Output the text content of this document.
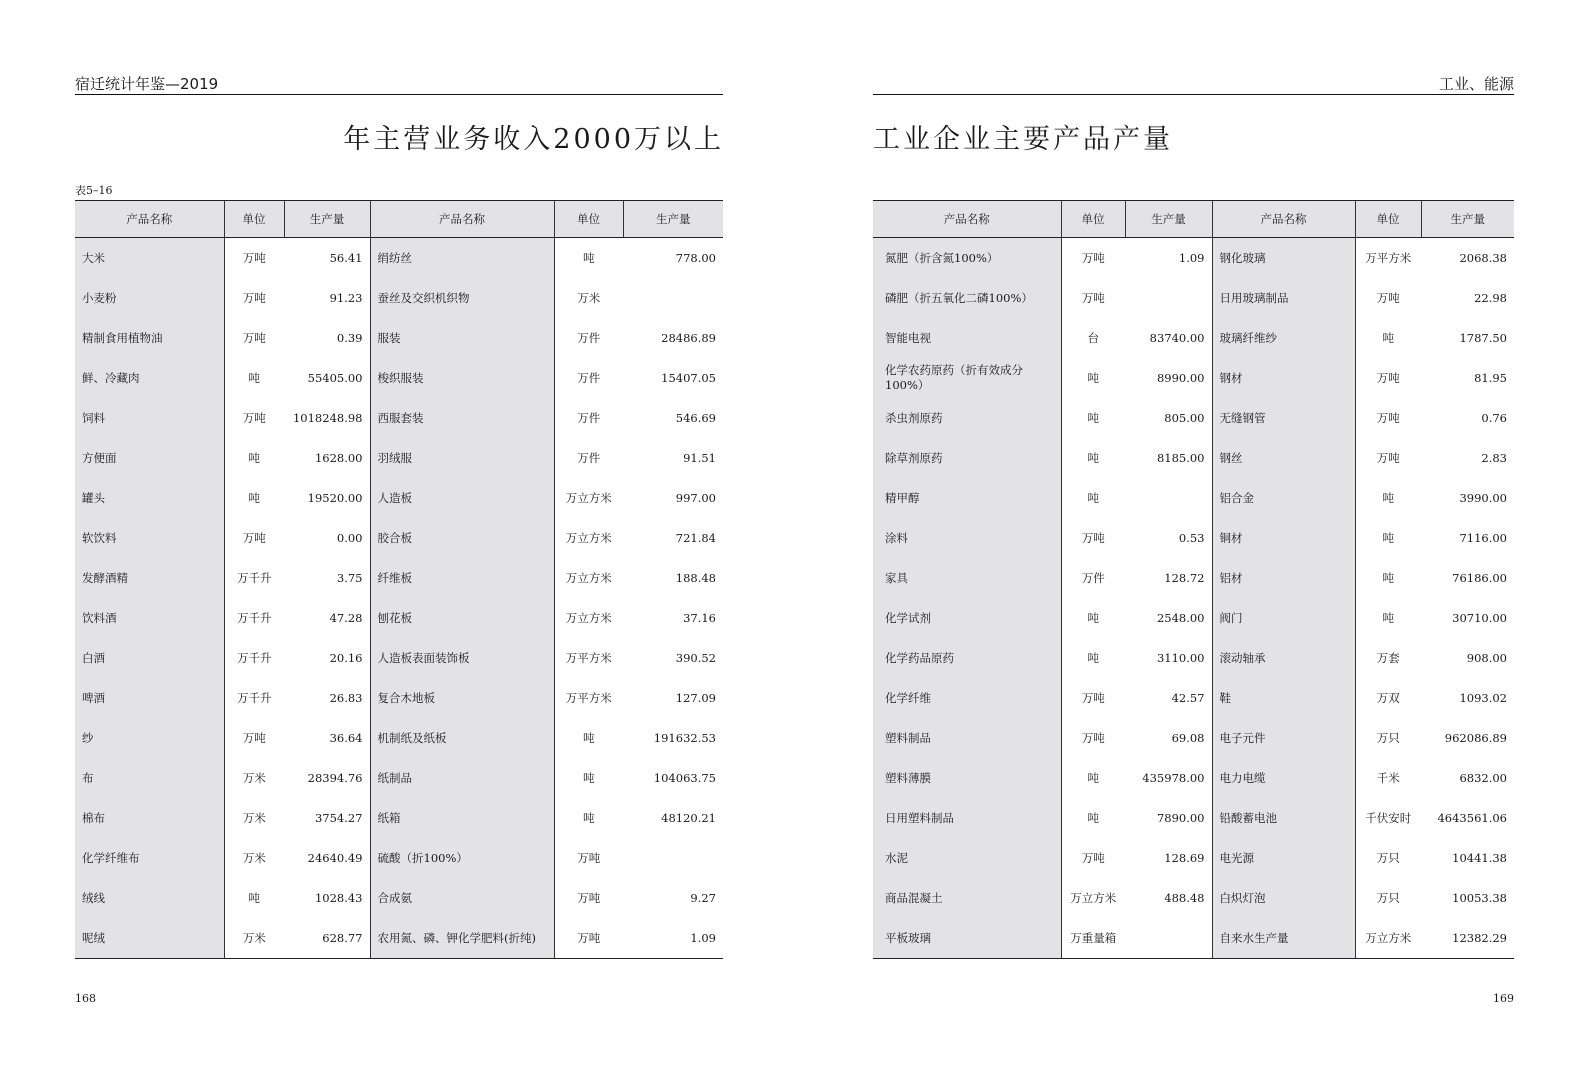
宿迁统计年鉴—2019
年主营业务收入2000万以上
表5–16
产品名称	单位	生产量	产品名称	单位	生产量
大米	万吨	56.41	绢纺丝	吨	778.00
小麦粉	万吨	91.23	蚕丝及交织机织物	万米	
精制食用植物油	万吨	0.39	服装	万件	28486.89
鲜、冷藏肉	吨	55405.00	梭织服装	万件	15407.05
饲料	万吨	1018248.98	西服套装	万件	546.69
方便面	吨	1628.00	羽绒服	万件	91.51
罐头	吨	19520.00	人造板	万立方米	997.00
软饮料	万吨	0.00	胶合板	万立方米	721.84
发酵酒精	万千升	3.75	纤维板	万立方米	188.48
饮料酒	万千升	47.28	刨花板	万立方米	37.16
白酒	万千升	20.16	人造板表面装饰板	万平方米	390.52
啤酒	万千升	26.83	复合木地板	万平方米	127.09
纱	万吨	36.64	机制纸及纸板	吨	191632.53
布	万米	28394.76	纸制品	吨	104063.75
棉布	万米	3754.27	纸箱	吨	48120.21
化学纤维布	万米	24640.49	硫酸（折100%）	万吨	
绒线	吨	1028.43	合成氨	万吨	9.27
呢绒	万米	628.77	农用氮、磷、钾化学肥料(折纯)	万吨	1.09
168
工业、能源
工业企业主要产品产量
产品名称	单位	生产量	产品名称	单位	生产量
氮肥（折含氮100%）	万吨	1.09	钢化玻璃	万平方米	2068.38
磷肥（折五氧化二磷100%）	万吨		日用玻璃制品	万吨	22.98
智能电视	台	83740.00	玻璃纤维纱	吨	1787.50
化学农药原药（折有效成分100%）	吨	8990.00	钢材	万吨	81.95
杀虫剂原药	吨	805.00	无缝钢管	万吨	0.76
除草剂原药	吨	8185.00	钢丝	万吨	2.83
精甲醇	吨		铝合金	吨	3990.00
涂料	万吨	0.53	铜材	吨	7116.00
家具	万件	128.72	铝材	吨	76186.00
化学试剂	吨	2548.00	阀门	吨	30710.00
化学药品原药	吨	3110.00	滚动轴承	万套	908.00
化学纤维	万吨	42.57	鞋	万双	1093.02
塑料制品	万吨	69.08	电子元件	万只	962086.89
塑料薄膜	吨	435978.00	电力电缆	千米	6832.00
日用塑料制品	吨	7890.00	铅酸蓄电池	千伏安时	4643561.06
水泥	万吨	128.69	电光源	万只	10441.38
商品混凝土	万立方米	488.48	白炽灯泡	万只	10053.38
平板玻璃	万重量箱		自来水生产量	万立方米	12382.29
169
